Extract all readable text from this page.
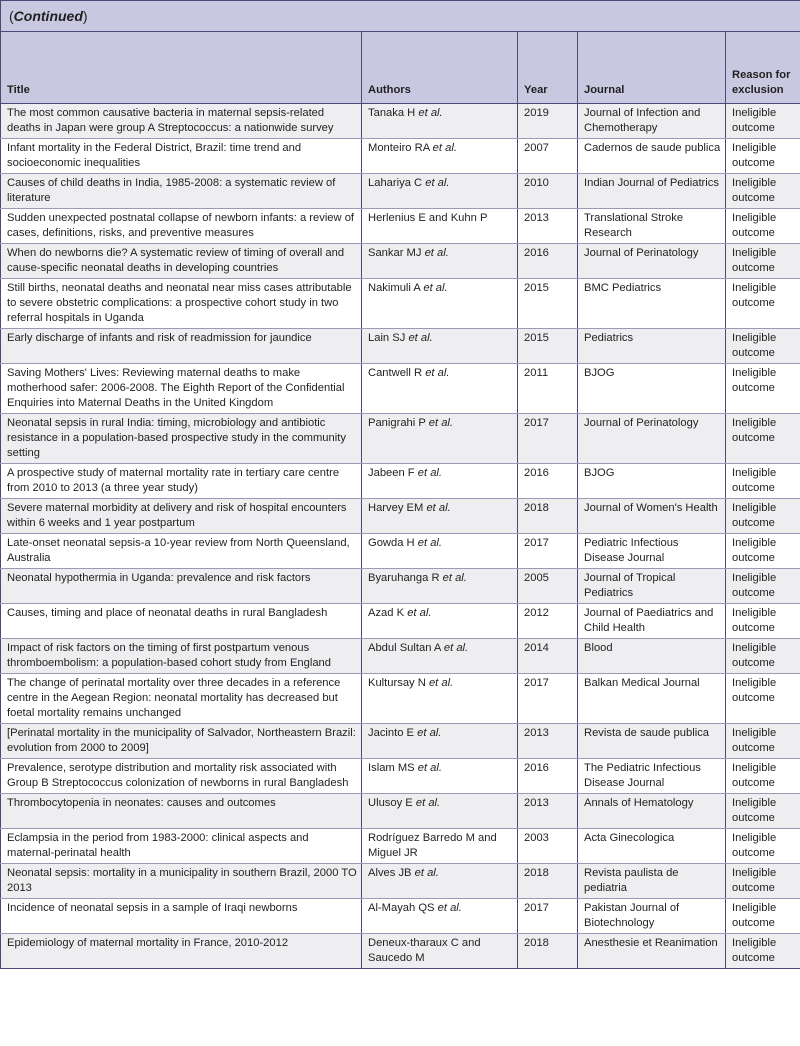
(Continued)				
Title	Authors	Year	Journal	Reason for exclusion
The most common causative bacteria in maternal sepsis-related deaths in Japan were group A Streptococcus: a nationwide survey	Tanaka H et al.	2019	Journal of Infection and Chemotherapy	Ineligible outcome
Infant mortality in the Federal District, Brazil: time trend and socioeconomic inequalities	Monteiro RA et al.	2007	Cadernos de saude publica	Ineligible outcome
Causes of child deaths in India, 1985-2008: a systematic review of literature	Lahariya C et al.	2010	Indian Journal of Pediatrics	Ineligible outcome
Sudden unexpected postnatal collapse of newborn infants: a review of cases, definitions, risks, and preventive measures	Herlenius E and Kuhn P	2013	Translational Stroke Research	Ineligible outcome
When do newborns die? A systematic review of timing of overall and cause-specific neonatal deaths in developing countries	Sankar MJ et al.	2016	Journal of Perinatology	Ineligible outcome
Still births, neonatal deaths and neonatal near miss cases attributable to severe obstetric complications: a prospective cohort study in two referral hospitals in Uganda	Nakimuli A et al.	2015	BMC Pediatrics	Ineligible outcome
Early discharge of infants and risk of readmission for jaundice	Lain SJ et al.	2015	Pediatrics	Ineligible outcome
Saving Mothers' Lives: Reviewing maternal deaths to make motherhood safer: 2006-2008. The Eighth Report of the Confidential Enquiries into Maternal Deaths in the United Kingdom	Cantwell R et al.	2011	BJOG	Ineligible outcome
Neonatal sepsis in rural India: timing, microbiology and antibiotic resistance in a population-based prospective study in the community setting	Panigrahi P et al.	2017	Journal of Perinatology	Ineligible outcome
A prospective study of maternal mortality rate in tertiary care centre from 2010 to 2013 (a three year study)	Jabeen F et al.	2016	BJOG	Ineligible outcome
Severe maternal morbidity at delivery and risk of hospital encounters within 6 weeks and 1 year postpartum	Harvey EM et al.	2018	Journal of Women's Health	Ineligible outcome
Late-onset neonatal sepsis-a 10-year review from North Queensland, Australia	Gowda H et al.	2017	Pediatric Infectious Disease Journal	Ineligible outcome
Neonatal hypothermia in Uganda: prevalence and risk factors	Byaruhanga R et al.	2005	Journal of Tropical Pediatrics	Ineligible outcome
Causes, timing and place of neonatal deaths in rural Bangladesh	Azad K et al.	2012	Journal of Paediatrics and Child Health	Ineligible outcome
Impact of risk factors on the timing of first postpartum venous thromboembolism: a population-based cohort study from England	Abdul Sultan A et al.	2014	Blood	Ineligible outcome
The change of perinatal mortality over three decades in a reference centre in the Aegean Region: neonatal mortality has decreased but foetal mortality remains unchanged	Kultursay N et al.	2017	Balkan Medical Journal	Ineligible outcome
[Perinatal mortality in the municipality of Salvador, Northeastern Brazil: evolution from 2000 to 2009]	Jacinto E et al.	2013	Revista de saude publica	Ineligible outcome
Prevalence, serotype distribution and mortality risk associated with Group B Streptococcus colonization of newborns in rural Bangladesh	Islam MS et al.	2016	The Pediatric Infectious Disease Journal	Ineligible outcome
Thrombocytopenia in neonates: causes and outcomes	Ulusoy E et al.	2013	Annals of Hematology	Ineligible outcome
Eclampsia in the period from 1983-2000: clinical aspects and maternal-perinatal health	Rodríguez Barredo M and Miguel JR	2003	Acta Ginecologica	Ineligible outcome
Neonatal sepsis: mortality in a municipality in southern Brazil, 2000 TO 2013	Alves JB et al.	2018	Revista paulista de pediatria	Ineligible outcome
Incidence of neonatal sepsis in a sample of Iraqi newborns	Al-Mayah QS et al.	2017	Pakistan Journal of Biotechnology	Ineligible outcome
Epidemiology of maternal mortality in France, 2010-2012	Deneux-tharaux C and Saucedo M	2018	Anesthesie et Reanimation	Ineligible outcome
